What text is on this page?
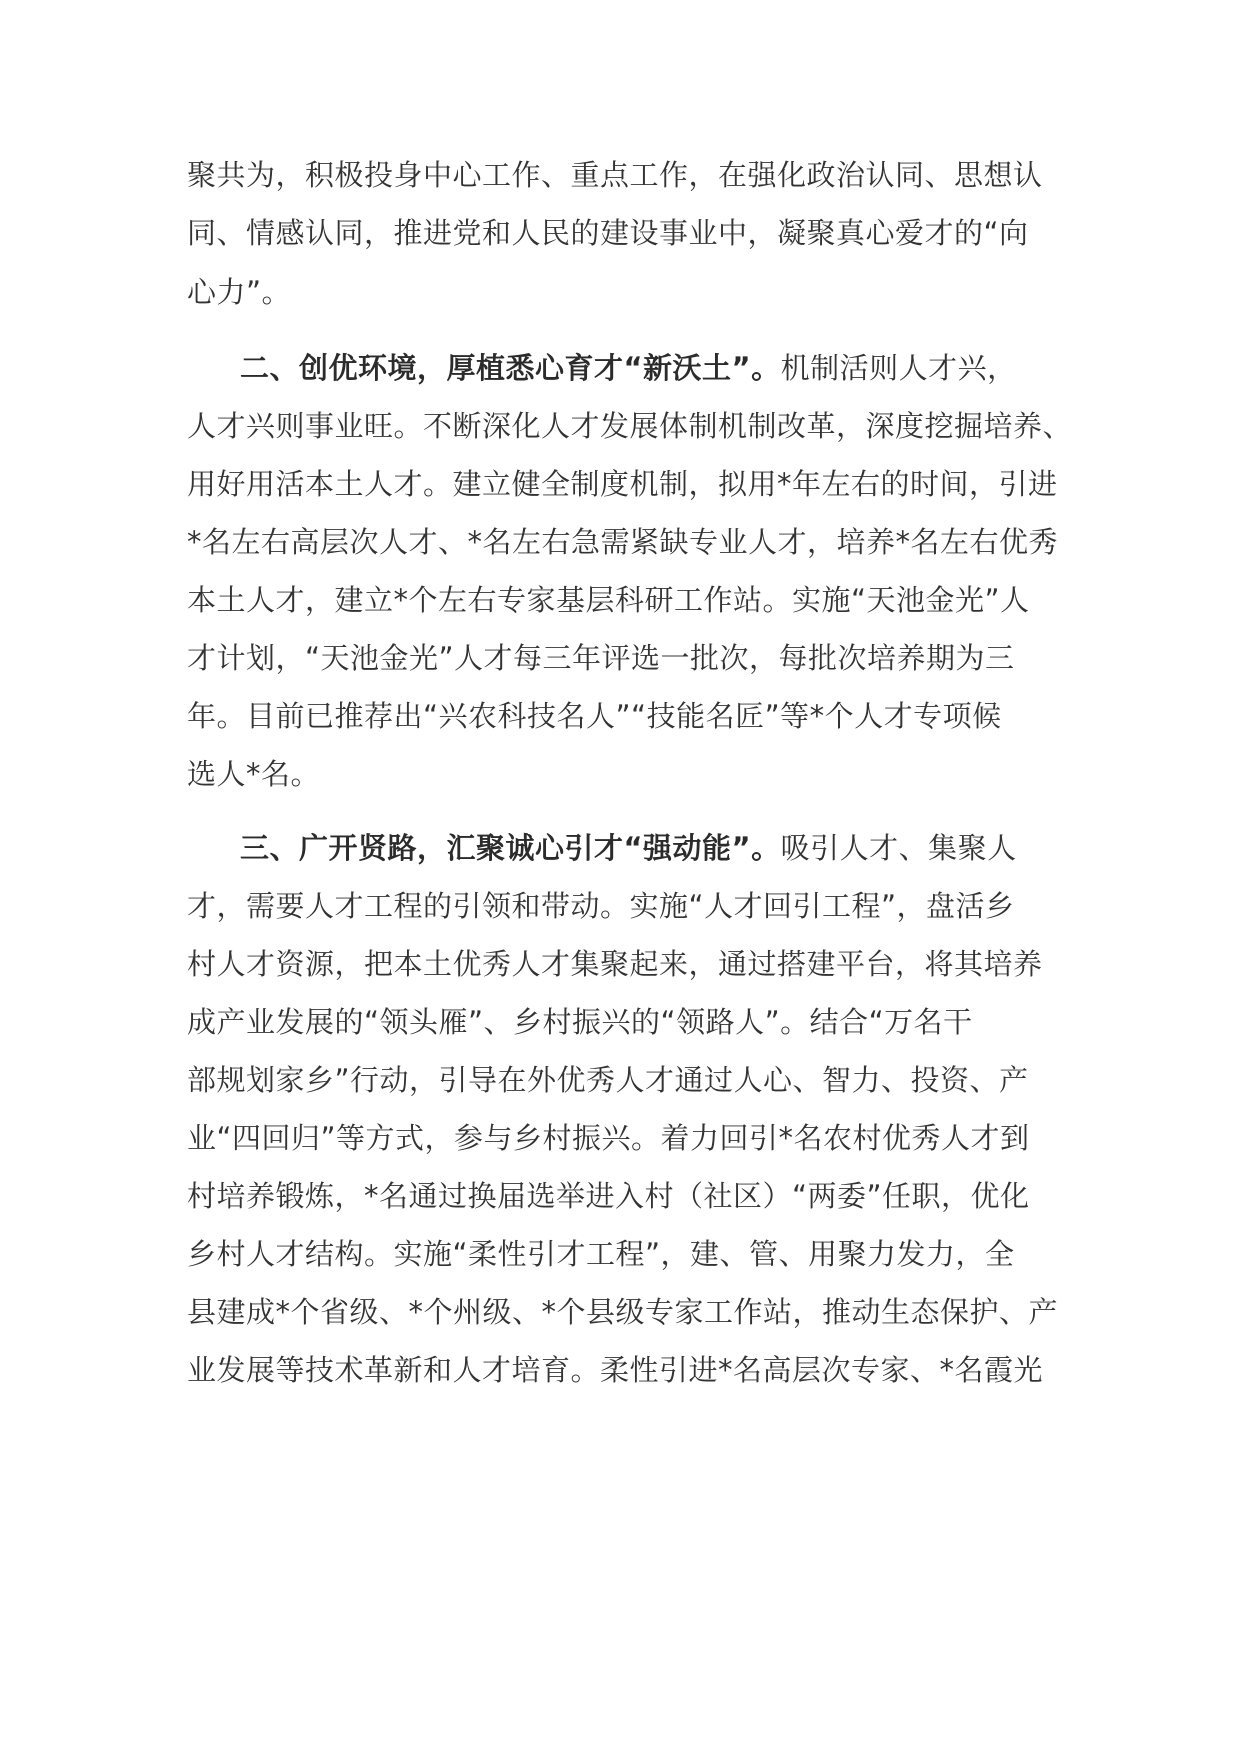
聚共为，积极投身中心工作、重点工作，在强化政治认同、思想认
同、情感认同，推进党和人民的建设事业中，凝聚真心爱才的“向
心力”。
二、创优环境，厚植悉心育才“新沃土”。机制活则人才兴，
人才兴则事业旺。不断深化人才发展体制机制改革，深度挖掘培养、
用好用活本土人才。建立健全制度机制，拟用*年左右的时间，引进
*名左右高层次人才、*名左右急需紧缺专业人才，培养*名左右优秀
本土人才，建立*个左右专家基层科研工作站。实施“天池金光”人
才计划，“天池金光”人才每三年评选一批次，每批次培养期为三
年。目前已推荐出“兴农科技名人”“技能名匠”等*个人才专项候
选人*名。
三、广开贤路，汇聚诚心引才“强动能”。吸引人才、集聚人
才，需要人才工程的引领和带动。实施“人才回引工程”，盘活乡
村人才资源，把本土优秀人才集聚起来，通过搭建平台，将其培养
成产业发展的“领头雁”、乡村振兴的“领路人”。结合“万名干
部规划家乡”行动，引导在外优秀人才通过人心、智力、投资、产
业“四回归”等方式，参与乡村振兴。着力回引*名农村优秀人才到
村培养锻炼，*名通过换届选举进入村（社区）“两委”任职，优化
乡村人才结构。实施“柔性引才工程”，建、管、用聚力发力，全
县建成*个省级、*个州级、*个县级专家工作站，推动生态保护、产
业发展等技术革新和人才培育。柔性引进*名高层次专家、*名霞光
